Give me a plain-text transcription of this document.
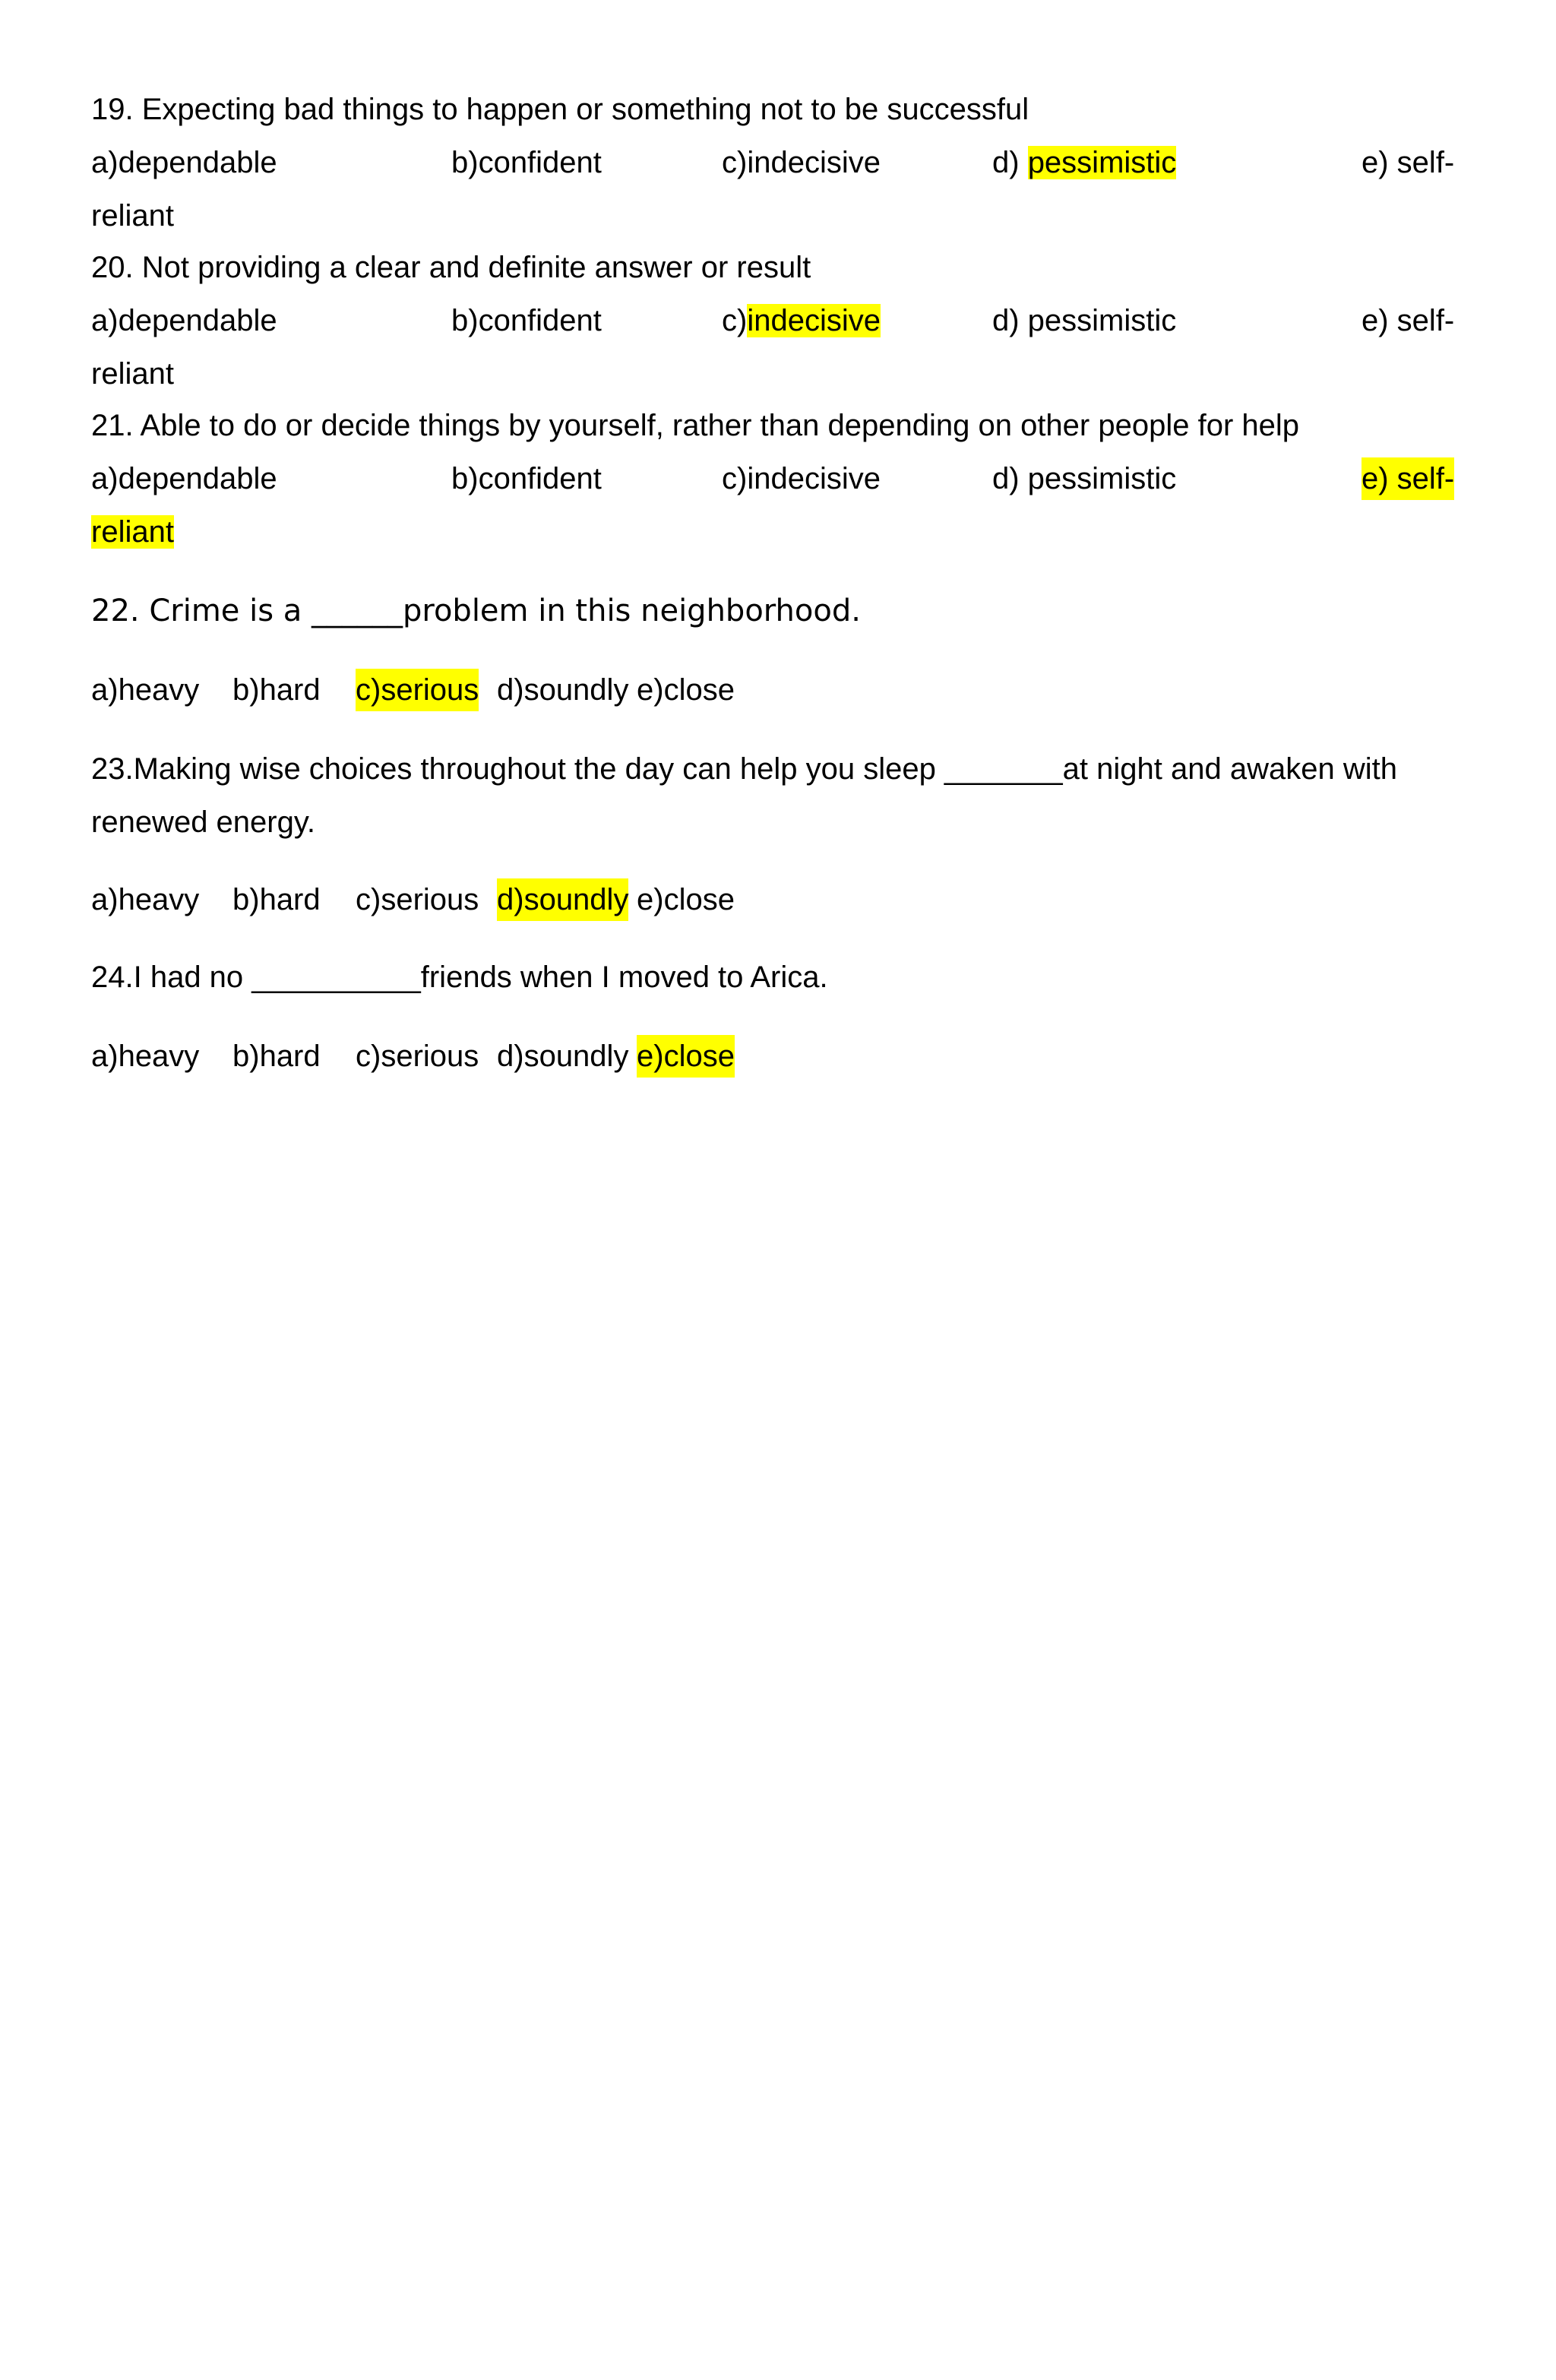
19. Expecting bad things to happen or something not to be successful
a)dependable	b)confident	c)indecisive	d) pessimistic	e) self-
reliant
20. Not providing a clear and definite answer or result
a)dependable	b)confident	c)indecisive	d) pessimistic	e) self-
reliant
21. Able to do or decide things by yourself, rather than depending on other people for help
a)dependable	b)confident	c)indecisive	d) pessimistic	e) self-
reliant
22. Crime is a ______problem in this neighborhood.
a)heavy b)hard c)serious d)soundly e)close
23.Making wise choices throughout the day can help you sleep _______at night and awaken with
renewed energy.
a)heavy b)hard c)serious d)soundly e)close
24.I had no __________friends when I moved to Arica.
a)heavy b)hard c)serious d)soundly e)close
